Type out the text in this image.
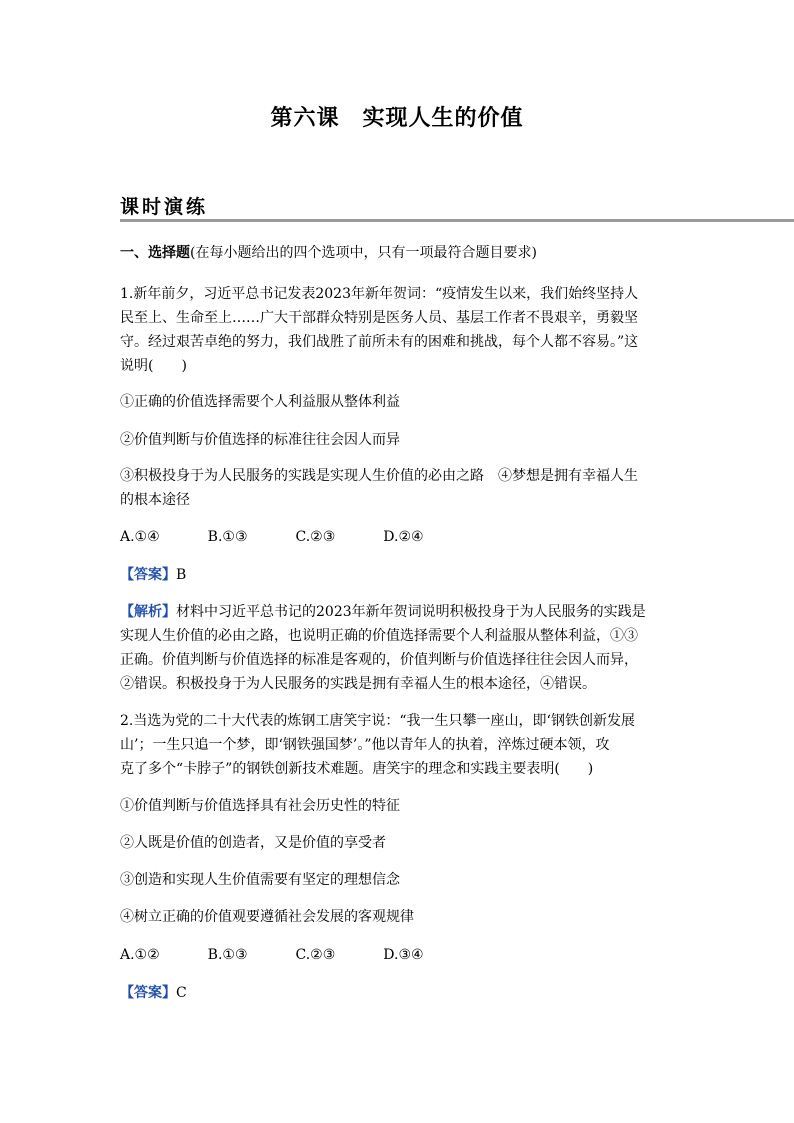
第六课　实现人生的价值
课时演练
一、选择题(在每小题给出的四个选项中，只有一项最符合题目要求)
1.新年前夕，习近平总书记发表2023年新年贺词：“疫情发生以来，我们始终坚持人
民至上、生命至上……广大干部群众特别是医务人员、基层工作者不畏艰辛，勇毅坚
守。经过艰苦卓绝的努力，我们战胜了前所未有的困难和挑战，每个人都不容易。”这
说明(　　)
①正确的价值选择需要个人利益服从整体利益
②价值判断与价值选择的标准往往会因人而异
③积极投身于为人民服务的实践是实现人生价值的必由之路　④梦想是拥有幸福人生
的根本途径
A.①④	B.①③	C.②③	D.②④
【答案】B
【解析】材料中习近平总书记的2023年新年贺词说明积极投身于为人民服务的实践是
实现人生价值的必由之路，也说明正确的价值选择需要个人利益服从整体利益，①③
正确。价值判断与价值选择的标准是客观的，价值判断与价值选择往往会因人而异，
②错误。积极投身于为人民服务的实践是拥有幸福人生的根本途径，④错误。
2.当选为党的二十大代表的炼钢工唐笑宇说：“我一生只攀一座山，即‘钢铁创新发展
山’；一生只追一个梦，即‘钢铁强国梦’。”他以青年人的执着，淬炼过硬本领，攻
克了多个“卡脖子”的钢铁创新技术难题。唐笑宇的理念和实践主要表明(　　)
①价值判断与价值选择具有社会历史性的特征
②人既是价值的创造者，又是价值的享受者
③创造和实现人生价值需要有坚定的理想信念
④树立正确的价值观要遵循社会发展的客观规律
A.①②	B.①③	C.②③	D.③④
【答案】C
